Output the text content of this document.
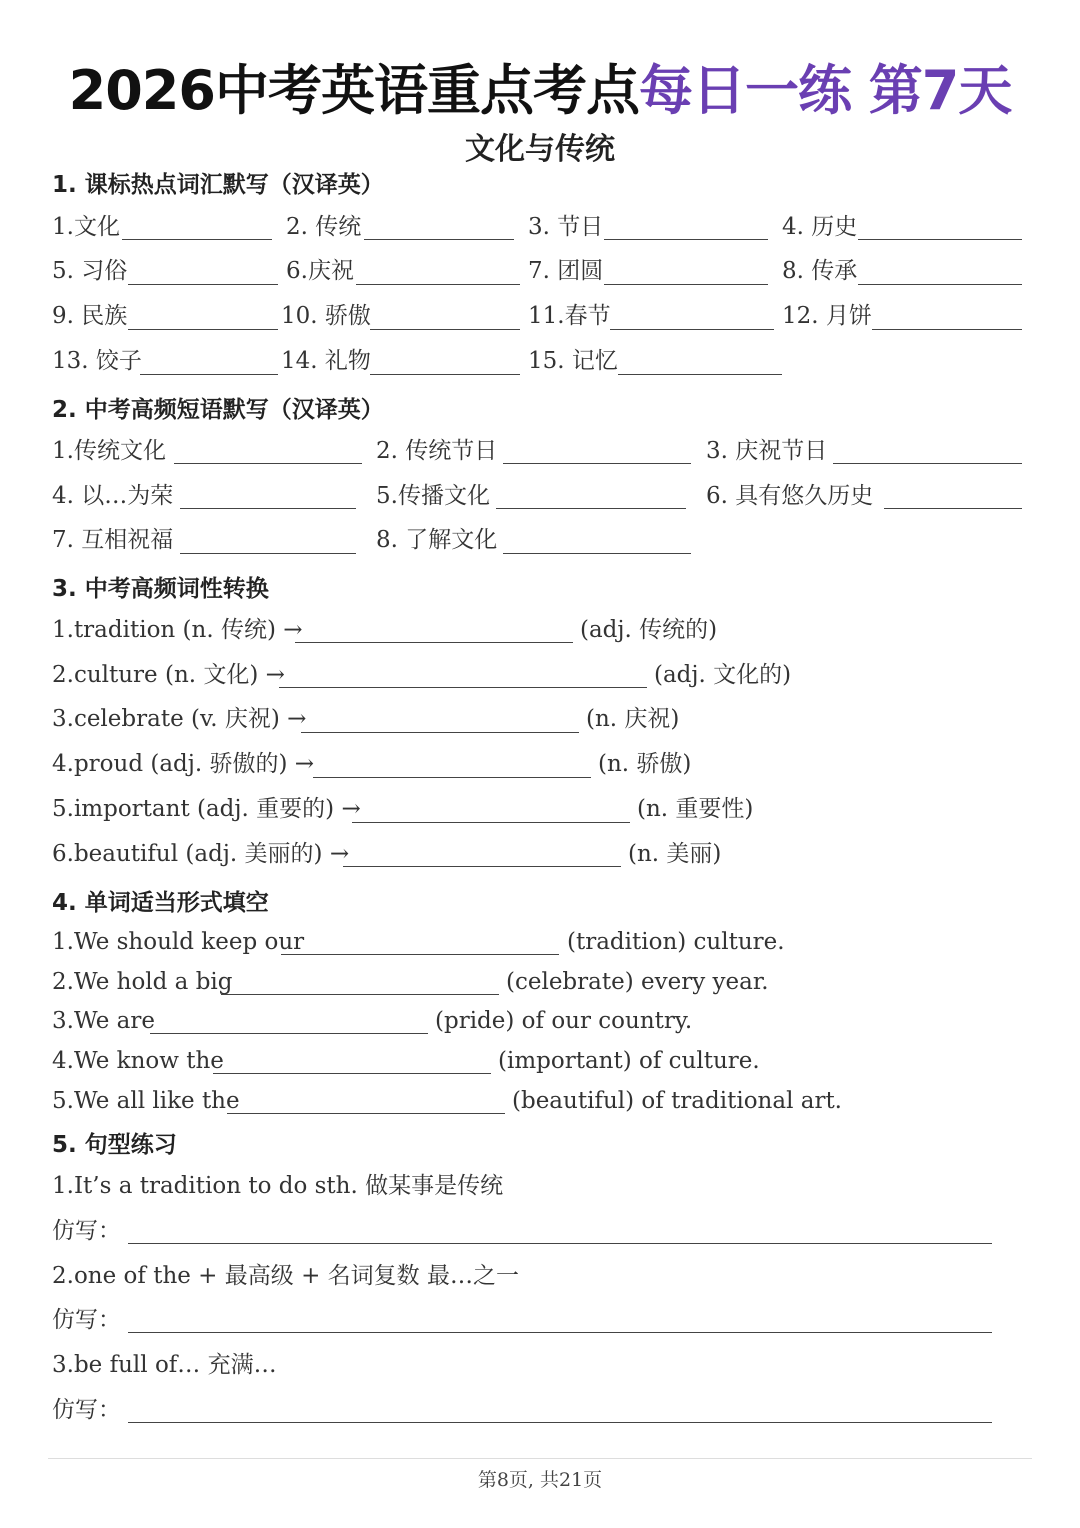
2026中考英语重点考点每日一练 第7天
文化与传统
1. 课标热点词汇默写（汉译英）
1.文化	2. 传统	3. 节日	4. 历史
5. 习俗	6.庆祝	7. 团圆	8. 传承
9. 民族	10. 骄傲	11.春节	12. 月饼
13. 饺子	14. 礼物	15. 记忆
2. 中考高频短语默写（汉译英）
1.传统文化	2. 传统节日	3. 庆祝节日
4. 以…为荣	5.传播文化	6. 具有悠久历史
7. 互相祝福	8. 了解文化
3. 中考高频词性转换
1.tradition (n. 传统) →	(adj. 传统的)
2.culture (n. 文化) →	(adj. 文化的)
3.celebrate (v. 庆祝) →	(n. 庆祝)
4.proud (adj. 骄傲的) →	(n. 骄傲)
5.important (adj. 重要的) →	(n. 重要性)
6.beautiful (adj. 美丽的) →	(n. 美丽)
4. 单词适当形式填空
1.We should keep our	(tradition) culture.
2.We hold a big	(celebrate) every year.
3.We are	(pride) of our country.
4.We know the	(important) of culture.
5.We all like the	(beautiful) of traditional art.
5. 句型练习
1.It’s a tradition to do sth. 做某事是传统
仿写：
2.one of the + 最高级 + 名词复数 最…之一
仿写：
3.be full of… 充满…
仿写：
第8页, 共21页
